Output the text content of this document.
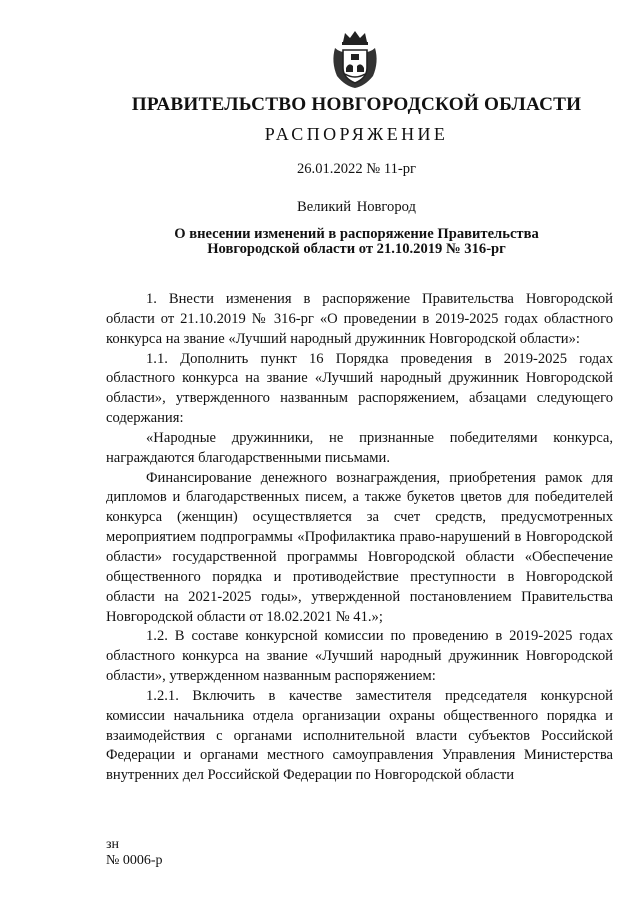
ПРАВИТЕЛЬСТВО НОВГОРОДСКОЙ ОБЛАСТИ
РАСПОРЯЖЕНИЕ
26.01.2022 № 11-рг
Великий Новгород
О внесении изменений в распоряжение Правительства
Новгородской области от 21.10.2019 № 316-рг

1. Внести изменения в распоряжение Правительства Новгородской области от 21.10.2019 № 316-рг «О проведении в 2019-2025 годах областного конкурса на звание «Лучший народный дружинник Новгородской области»:

1.1. Дополнить пункт 16 Порядка проведения в 2019-2025 годах областного конкурса на звание «Лучший народный дружинник Новгородской области», утвержденного названным распоряжением, абзацами следующего содержания:

«Народные дружинники, не признанные победителями конкурса, награждаются благодарственными письмами.

Финансирование денежного вознаграждения, приобретения рамок для дипломов и благодарственных писем, а также букетов цветов для победителей конкурса (женщин) осуществляется за счет средств, предусмотренных мероприятием подпрограммы «Профилактика право-нарушений в Новгородской области» государственной программы Новгородской области «Обеспечение общественного порядка и противодействие преступности в Новгородской области на 2021-2025 годы», утвержденной постановлением Правительства Новгородской области от 18.02.2021 № 41.»;

1.2. В составе конкурсной комиссии по проведению в 2019-2025 годах областного конкурса на звание «Лучший народный дружинник Новгородской области», утвержденном названным распоряжением:

1.2.1. Включить в качестве заместителя председателя конкурсной комиссии начальника отдела организации охраны общественного порядка и взаимодействия с органами исполнительной власти субъектов Российской Федерации и органами местного самоуправления Управления Министерства внутренних дел Российской Федерации по Новгородской области

зн
№ 0006-р
